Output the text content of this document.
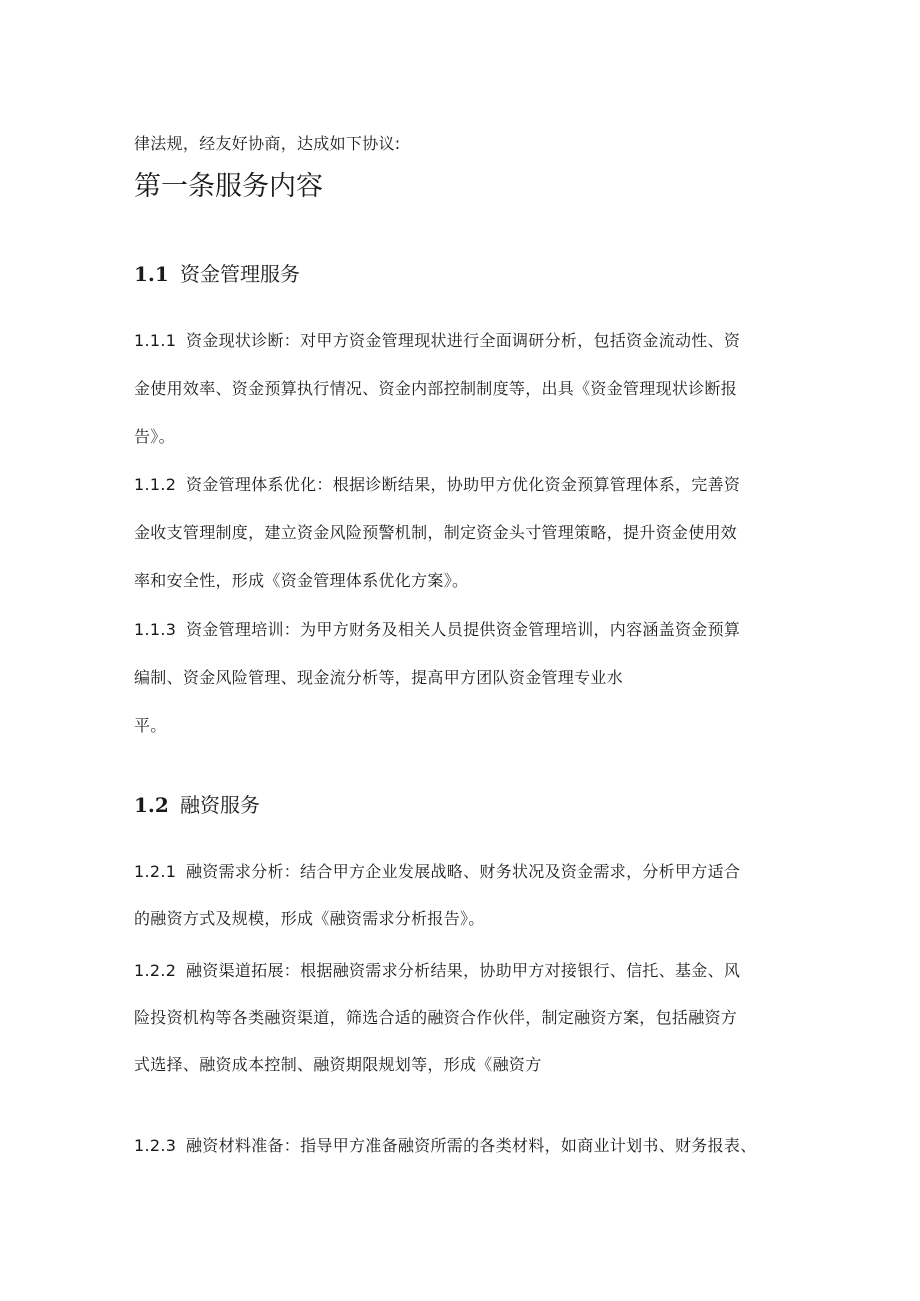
律法规，经友好协商，达成如下协议:
第一条服务内容
1.1 资金管理服务
1.1.1 资金现状诊断：对甲方资金管理现状进行全面调研分析，包括资金流动性、资
金使用效率、资金预算执行情况、资金内部控制制度等，出具《资金管理现状诊断报
告》。
1.1.2 资金管理体系优化：根据诊断结果，协助甲方优化资金预算管理体系，完善资
金收支管理制度，建立资金风险预警机制，制定资金头寸管理策略，提升资金使用效
率和安全性，形成《资金管理体系优化方案》。
1.1.3 资金管理培训：为甲方财务及相关人员提供资金管理培训，内容涵盖资金预算
编制、资金风险管理、现金流分析等，提高甲方团队资金管理专业水
平。
1.2 融资服务
1.2.1 融资需求分析：结合甲方企业发展战略、财务状况及资金需求，分析甲方适合
的融资方式及规模，形成《融资需求分析报告》。
1.2.2 融资渠道拓展：根据融资需求分析结果，协助甲方对接银行、信托、基金、风
险投资机构等各类融资渠道，筛选合适的融资合作伙伴，制定融资方案，包括融资方
式选择、融资成本控制、融资期限规划等，形成《融资方
1.2.3 融资材料准备：指导甲方准备融资所需的各类材料，如商业计划书、财务报表、
